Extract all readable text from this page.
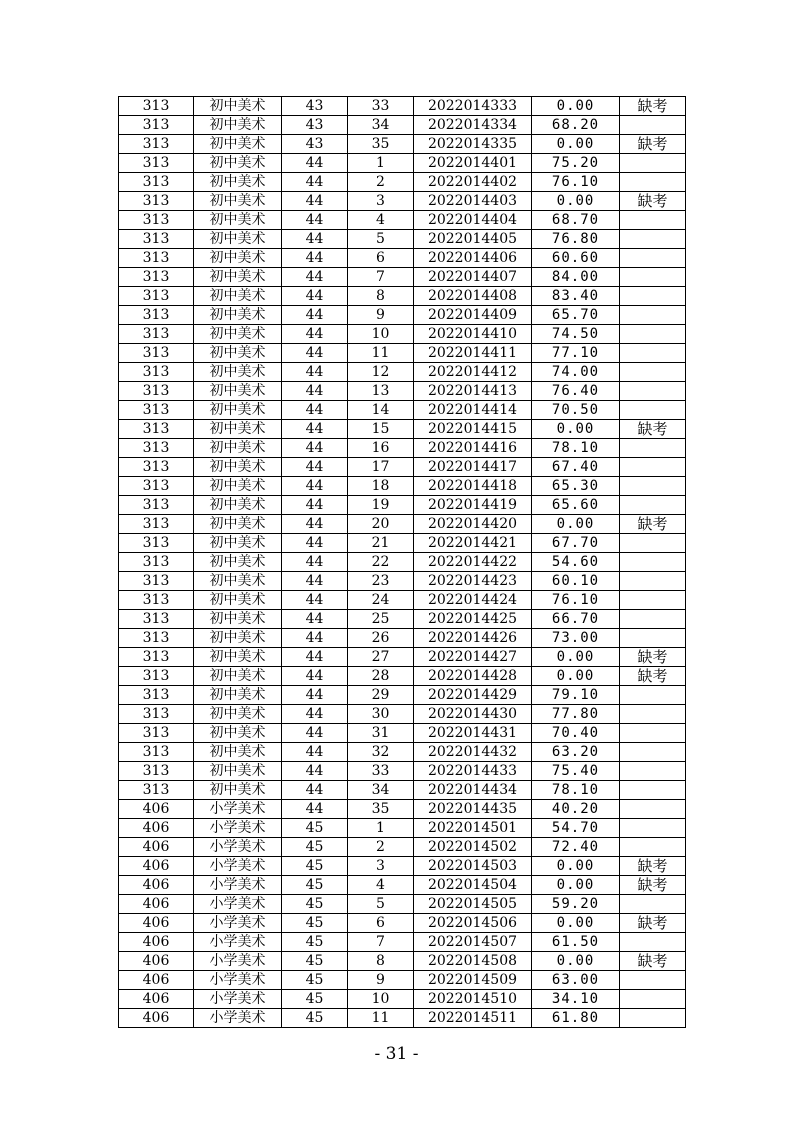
313	初中美术	43	33	2022014333	0.00	缺考
313	初中美术	43	34	2022014334	68.20	
313	初中美术	43	35	2022014335	0.00	缺考
313	初中美术	44	1	2022014401	75.20	
313	初中美术	44	2	2022014402	76.10	
313	初中美术	44	3	2022014403	0.00	缺考
313	初中美术	44	4	2022014404	68.70	
313	初中美术	44	5	2022014405	76.80	
313	初中美术	44	6	2022014406	60.60	
313	初中美术	44	7	2022014407	84.00	
313	初中美术	44	8	2022014408	83.40	
313	初中美术	44	9	2022014409	65.70	
313	初中美术	44	10	2022014410	74.50	
313	初中美术	44	11	2022014411	77.10	
313	初中美术	44	12	2022014412	74.00	
313	初中美术	44	13	2022014413	76.40	
313	初中美术	44	14	2022014414	70.50	
313	初中美术	44	15	2022014415	0.00	缺考
313	初中美术	44	16	2022014416	78.10	
313	初中美术	44	17	2022014417	67.40	
313	初中美术	44	18	2022014418	65.30	
313	初中美术	44	19	2022014419	65.60	
313	初中美术	44	20	2022014420	0.00	缺考
313	初中美术	44	21	2022014421	67.70	
313	初中美术	44	22	2022014422	54.60	
313	初中美术	44	23	2022014423	60.10	
313	初中美术	44	24	2022014424	76.10	
313	初中美术	44	25	2022014425	66.70	
313	初中美术	44	26	2022014426	73.00	
313	初中美术	44	27	2022014427	0.00	缺考
313	初中美术	44	28	2022014428	0.00	缺考
313	初中美术	44	29	2022014429	79.10	
313	初中美术	44	30	2022014430	77.80	
313	初中美术	44	31	2022014431	70.40	
313	初中美术	44	32	2022014432	63.20	
313	初中美术	44	33	2022014433	75.40	
313	初中美术	44	34	2022014434	78.10	
406	小学美术	44	35	2022014435	40.20	
406	小学美术	45	1	2022014501	54.70	
406	小学美术	45	2	2022014502	72.40	
406	小学美术	45	3	2022014503	0.00	缺考
406	小学美术	45	4	2022014504	0.00	缺考
406	小学美术	45	5	2022014505	59.20	
406	小学美术	45	6	2022014506	0.00	缺考
406	小学美术	45	7	2022014507	61.50	
406	小学美术	45	8	2022014508	0.00	缺考
406	小学美术	45	9	2022014509	63.00	
406	小学美术	45	10	2022014510	34.10	
406	小学美术	45	11	2022014511	61.80	
- 31 -
